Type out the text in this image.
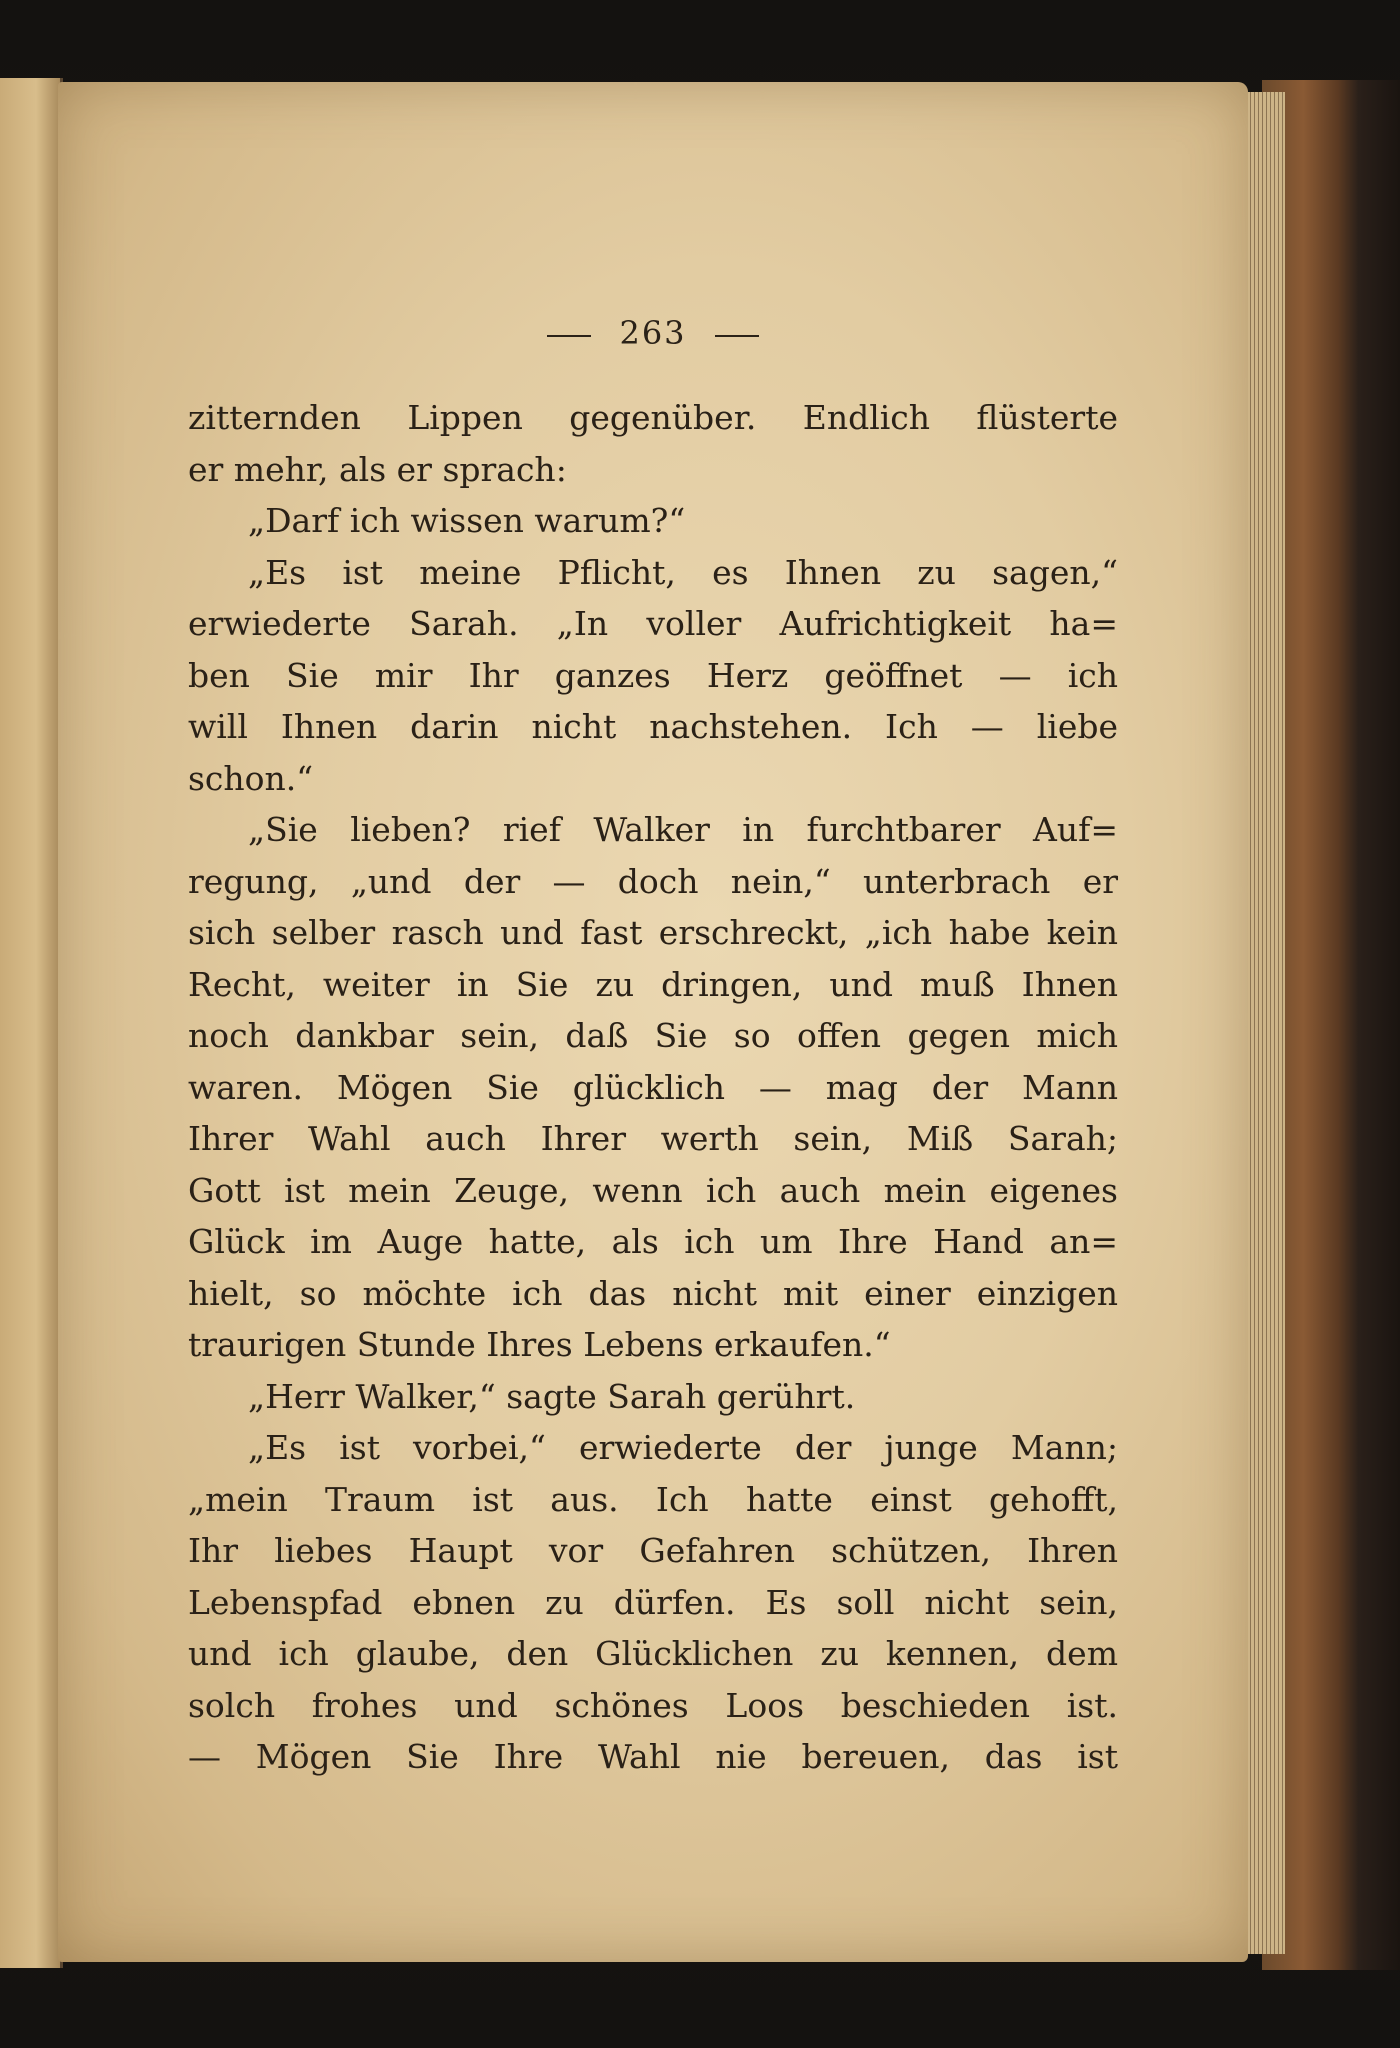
263
zitternden Lippen gegenüber. Endlich flüsterte
er mehr, als er sprach:
„Darf ich wissen warum?“
„Es ist meine Pflicht, es Ihnen zu sagen,“
erwiederte Sarah. „In voller Aufrichtigkeit ha=
ben Sie mir Ihr ganzes Herz geöffnet — ich
will Ihnen darin nicht nachstehen. Ich — liebe
schon.“
„Sie lieben? rief Walker in furchtbarer Auf=
regung, „und der — doch nein,“ unterbrach er
sich selber rasch und fast erschreckt, „ich habe kein
Recht, weiter in Sie zu dringen, und muß Ihnen
noch dankbar sein, daß Sie so offen gegen mich
waren. Mögen Sie glücklich — mag der Mann
Ihrer Wahl auch Ihrer werth sein, Miß Sarah;
Gott ist mein Zeuge, wenn ich auch mein eigenes
Glück im Auge hatte, als ich um Ihre Hand an=
hielt, so möchte ich das nicht mit einer einzigen
traurigen Stunde Ihres Lebens erkaufen.“
„Herr Walker,“ sagte Sarah gerührt.
„Es ist vorbei,“ erwiederte der junge Mann;
„mein Traum ist aus. Ich hatte einst gehofft,
Ihr liebes Haupt vor Gefahren schützen, Ihren
Lebenspfad ebnen zu dürfen. Es soll nicht sein,
und ich glaube, den Glücklichen zu kennen, dem
solch frohes und schönes Loos beschieden ist.
— Mögen Sie Ihre Wahl nie bereuen, das ist
